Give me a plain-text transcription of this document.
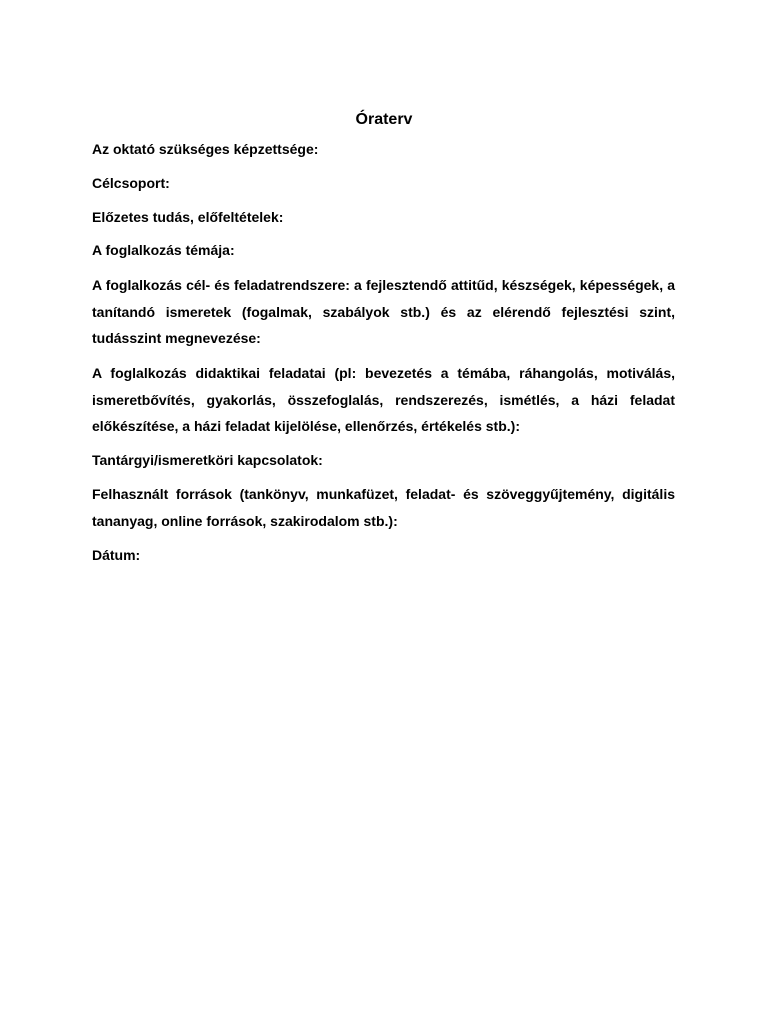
Óraterv

Az oktató szükséges képzettsége:

Célcsoport:

Előzetes tudás, előfeltételek:

A foglalkozás témája:

A foglalkozás cél- és feladatrendszere: a fejlesztendő attitűd, készségek, képességek, a tanítandó ismeretek (fogalmak, szabályok stb.) és az elérendő fejlesztési szint, tudásszint megnevezése:

A foglalkozás didaktikai feladatai (pl: bevezetés a témába, ráhangolás, motiválás, ismeretbővítés, gyakorlás, összefoglalás, rendszerezés, ismétlés, a házi feladat előkészítése, a házi feladat kijelölése, ellenőrzés, értékelés stb.):

Tantárgyi/ismeretköri kapcsolatok:

Felhasznált források (tankönyv, munkafüzet, feladat- és szöveggyűjtemény, digitális tananyag, online források, szakirodalom stb.):

Dátum:
